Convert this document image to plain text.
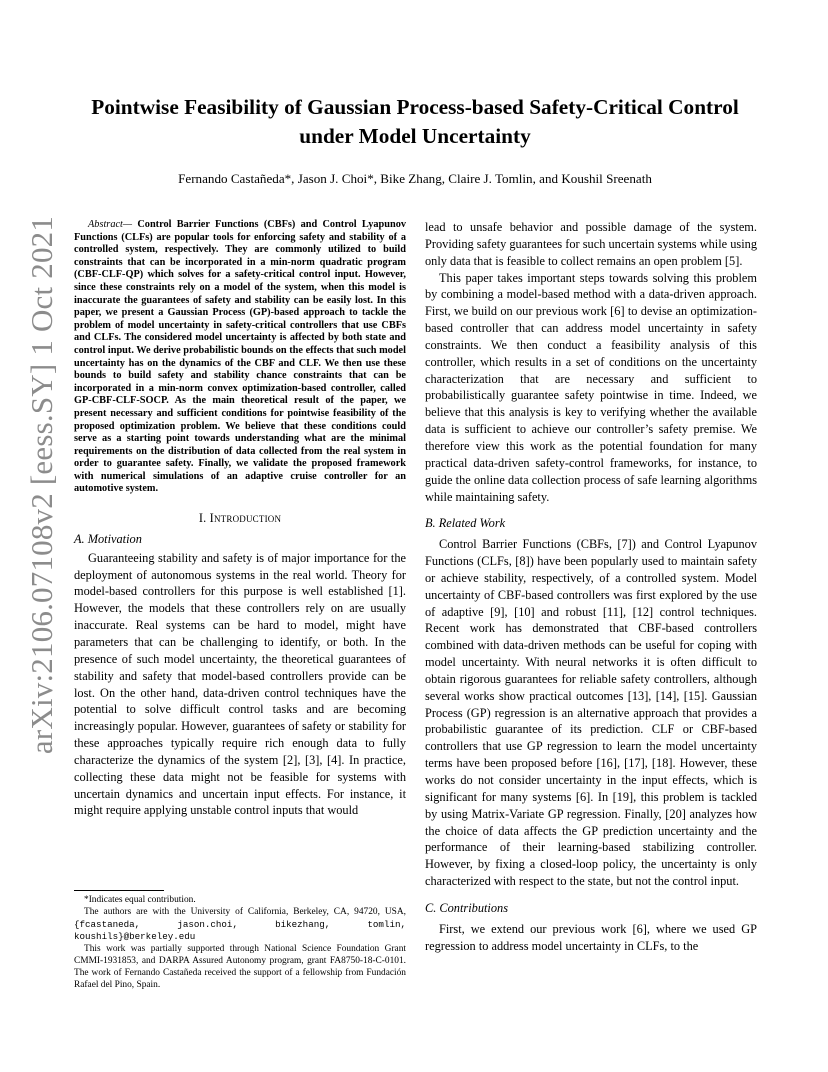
arXiv:2106.07108v2 [eess.SY] 1 Oct 2021
Pointwise Feasibility of Gaussian Process-based Safety-Critical Control
under Model Uncertainty
Fernando Castañeda*, Jason J. Choi*, Bike Zhang, Claire J. Tomlin, and Koushil Sreenath

Abstract— Control Barrier Functions (CBFs) and Control Lyapunov Functions (CLFs) are popular tools for enforcing safety and stability of a controlled system, respectively. They are commonly utilized to build constraints that can be incorporated in a min-norm quadratic program (CBF-CLF-QP) which solves for a safety-critical control input. However, since these constraints rely on a model of the system, when this model is inaccurate the guarantees of safety and stability can be easily lost. In this paper, we present a Gaussian Process (GP)-based approach to tackle the problem of model uncertainty in safety-critical controllers that use CBFs and CLFs. The considered model uncertainty is affected by both state and control input. We derive probabilistic bounds on the effects that such model uncertainty has on the dynamics of the CBF and CLF. We then use these bounds to build safety and stability chance constraints that can be incorporated in a min-norm convex optimization-based controller, called GP-CBF-CLF-SOCP. As the main theoretical result of the paper, we present necessary and sufficient conditions for pointwise feasibility of the proposed optimization problem. We believe that these conditions could serve as a starting point towards understanding what are the minimal requirements on the distribution of data collected from the real system in order to guarantee safety. Finally, we validate the proposed framework with numerical simulations of an adaptive cruise controller for an automotive system.

I. Introduction
A. Motivation

Guaranteeing stability and safety is of major importance for the deployment of autonomous systems in the real world. Theory for model-based controllers for this purpose is well established [1]. However, the models that these controllers rely on are usually inaccurate. Real systems can be hard to model, might have parameters that can be challenging to identify, or both. In the presence of such model uncertainty, the theoretical guarantees of stability and safety that model-based controllers provide can be lost. On the other hand, data-driven control techniques have the potential to solve difficult control tasks and are becoming increasingly popular. However, guarantees of safety or stability for these approaches typically require rich enough data to fully characterize the dynamics of the system [2], [3], [4]. In practice, collecting these data might not be feasible for systems with uncertain dynamics and uncertain input effects. For instance, it might require applying unstable control inputs that would

*Indicates equal contribution.

The authors are with the University of California, Berkeley, CA, 94720, USA, {fcastaneda, jason.choi, bikezhang, tomlin, koushils}@berkeley.edu

This work was partially supported through National Science Foundation Grant CMMI-1931853, and DARPA Assured Autonomy program, grant FA8750-18-C-0101. The work of Fernando Castañeda received the support of a fellowship from Fundación Rafael del Pino, Spain.

lead to unsafe behavior and possible damage of the system. Providing safety guarantees for such uncertain systems while using only data that is feasible to collect remains an open problem [5].

This paper takes important steps towards solving this problem by combining a model-based method with a data-driven approach. First, we build on our previous work [6] to devise an optimization-based controller that can address model uncertainty in safety constraints. We then conduct a feasibility analysis of this controller, which results in a set of conditions on the uncertainty characterization that are necessary and sufficient to probabilistically guarantee safety pointwise in time. Indeed, we believe that this analysis is key to verifying whether the available data is sufficient to achieve our controller’s safety premise. We therefore view this work as the potential foundation for many practical data-driven safety-control frameworks, for instance, to guide the online data collection process of safe learning algorithms while maintaining safety.

B. Related Work

Control Barrier Functions (CBFs, [7]) and Control Lyapunov Functions (CLFs, [8]) have been popularly used to maintain safety or achieve stability, respectively, of a controlled system. Model uncertainty of CBF-based controllers was first explored by the use of adaptive [9], [10] and robust [11], [12] control techniques. Recent work has demonstrated that CBF-based controllers combined with data-driven methods can be useful for coping with model uncertainty. With neural networks it is often difficult to obtain rigorous guarantees for reliable safety controllers, although several works show practical outcomes [13], [14], [15]. Gaussian Process (GP) regression is an alternative approach that provides a probabilistic guarantee of its prediction. CLF or CBF-based controllers that use GP regression to learn the model uncertainty terms have been proposed before [16], [17], [18]. However, these works do not consider uncertainty in the input effects, which is significant for many systems [6]. In [19], this problem is tackled by using Matrix-Variate GP regression. Finally, [20] analyzes how the choice of data affects the GP prediction uncertainty and the performance of their learning-based stabilizing controller. However, by fixing a closed-loop policy, the uncertainty is only characterized with respect to the state, but not the control input.

C. Contributions

First, we extend our previous work [6], where we used GP regression to address model uncertainty in CLFs, to the
